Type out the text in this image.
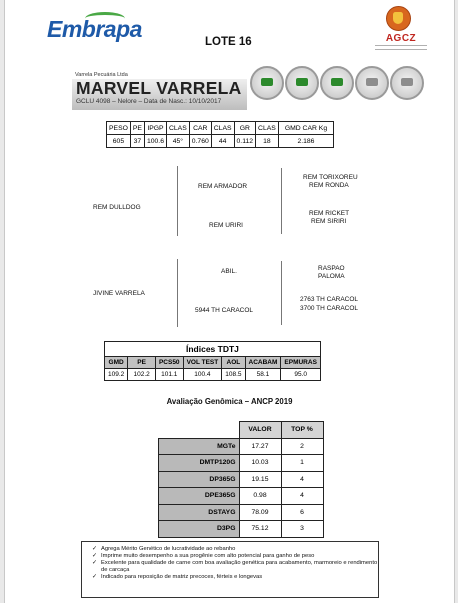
Embrapa	LOTE 16	AGCZ
Varrela Pecuária Ltda
MARVEL VARRELA
GCLU 4098 – Nelore – Data de Nasc.: 10/10/2017
PESO	PE	IPGP	CLAS	CAR	CLAS	GR	CLAS	GMD CAR Kg
605	37	100.6	45°	0.760	44	0.112	18	2.186
REM DULLDOG
REM ARMADOR
REM URIRI
REM TORIXOREU
REM RONDA
REM RICKET
REM SIRIRI
JIVINE VARRELA
ABIL.
5944 TH CARACOL
RASPAO
PALOMA
2763 TH CARACOL
3700 TH CARACOL
Índices TDTJ						
GMD	PE	PCS50	VOL TEST	AOL	ACABAM	EPMURAS
109.2	102.2	101.1	100.4	108.5	58.1	95.0
Avaliação Genômica – ANCP 2019
	VALOR	TOP %
MGTe	17.27	2
DMTP120G	10.03	1
DP365G	19.15	4
DPE365G	0.98	4
DSTAYG	78.09	6
D3PG	75.12	3
✓ Agrega Mérito Genético de lucratividade ao rebanho
✓ Imprime muito desempenho a sua progênie com alto potencial para ganho de peso
✓ Excelente para qualidade de carne com boa avaliação genética para acabamento, marmoreio e rendimento de carcaça
✓ Indicado para reposição de matriz precoces, férteis e longevas
